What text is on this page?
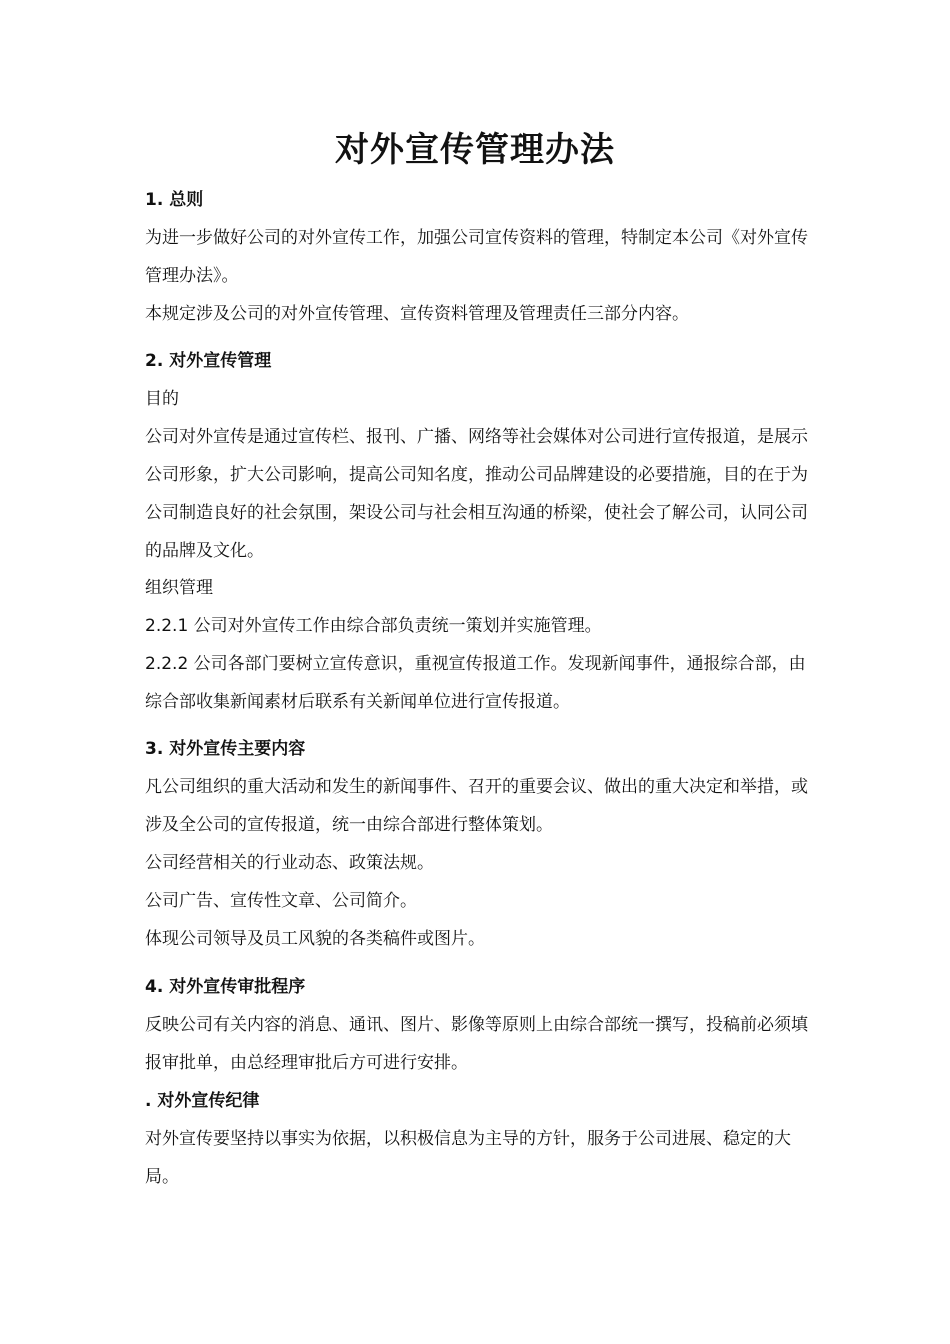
对外宣传管理办法
1. 总则

为进一步做好公司的对外宣传工作，加强公司宣传资料的管理，特制定本公司《对外宣传管理办法》。

本规定涉及公司的对外宣传管理、宣传资料管理及管理责任三部分内容。

2. 对外宣传管理

目的

公司对外宣传是通过宣传栏、报刊、广播、网络等社会媒体对公司进行宣传报道，是展示公司形象，扩大公司影响，提高公司知名度，推动公司品牌建设的必要措施，目的在于为公司制造良好的社会氛围，架设公司与社会相互沟通的桥梁，使社会了解公司，认同公司的品牌及文化。

组织管理

2.2.1 公司对外宣传工作由综合部负责统一策划并实施管理。

2.2.2 公司各部门要树立宣传意识，重视宣传报道工作。发现新闻事件，通报综合部，由综合部收集新闻素材后联系有关新闻单位进行宣传报道。

3. 对外宣传主要内容

凡公司组织的重大活动和发生的新闻事件、召开的重要会议、做出的重大决定和举措，或涉及全公司的宣传报道，统一由综合部进行整体策划。

公司经营相关的行业动态、政策法规。

公司广告、宣传性文章、公司简介。

体现公司领导及员工风貌的各类稿件或图片。

4. 对外宣传审批程序

反映公司有关内容的消息、通讯、图片、影像等原则上由综合部统一撰写，投稿前必须填报审批单，由总经理审批后方可进行安排。

. 对外宣传纪律

对外宣传要坚持以事实为依据，以积极信息为主导的方针，服务于公司进展、稳定的大局。
